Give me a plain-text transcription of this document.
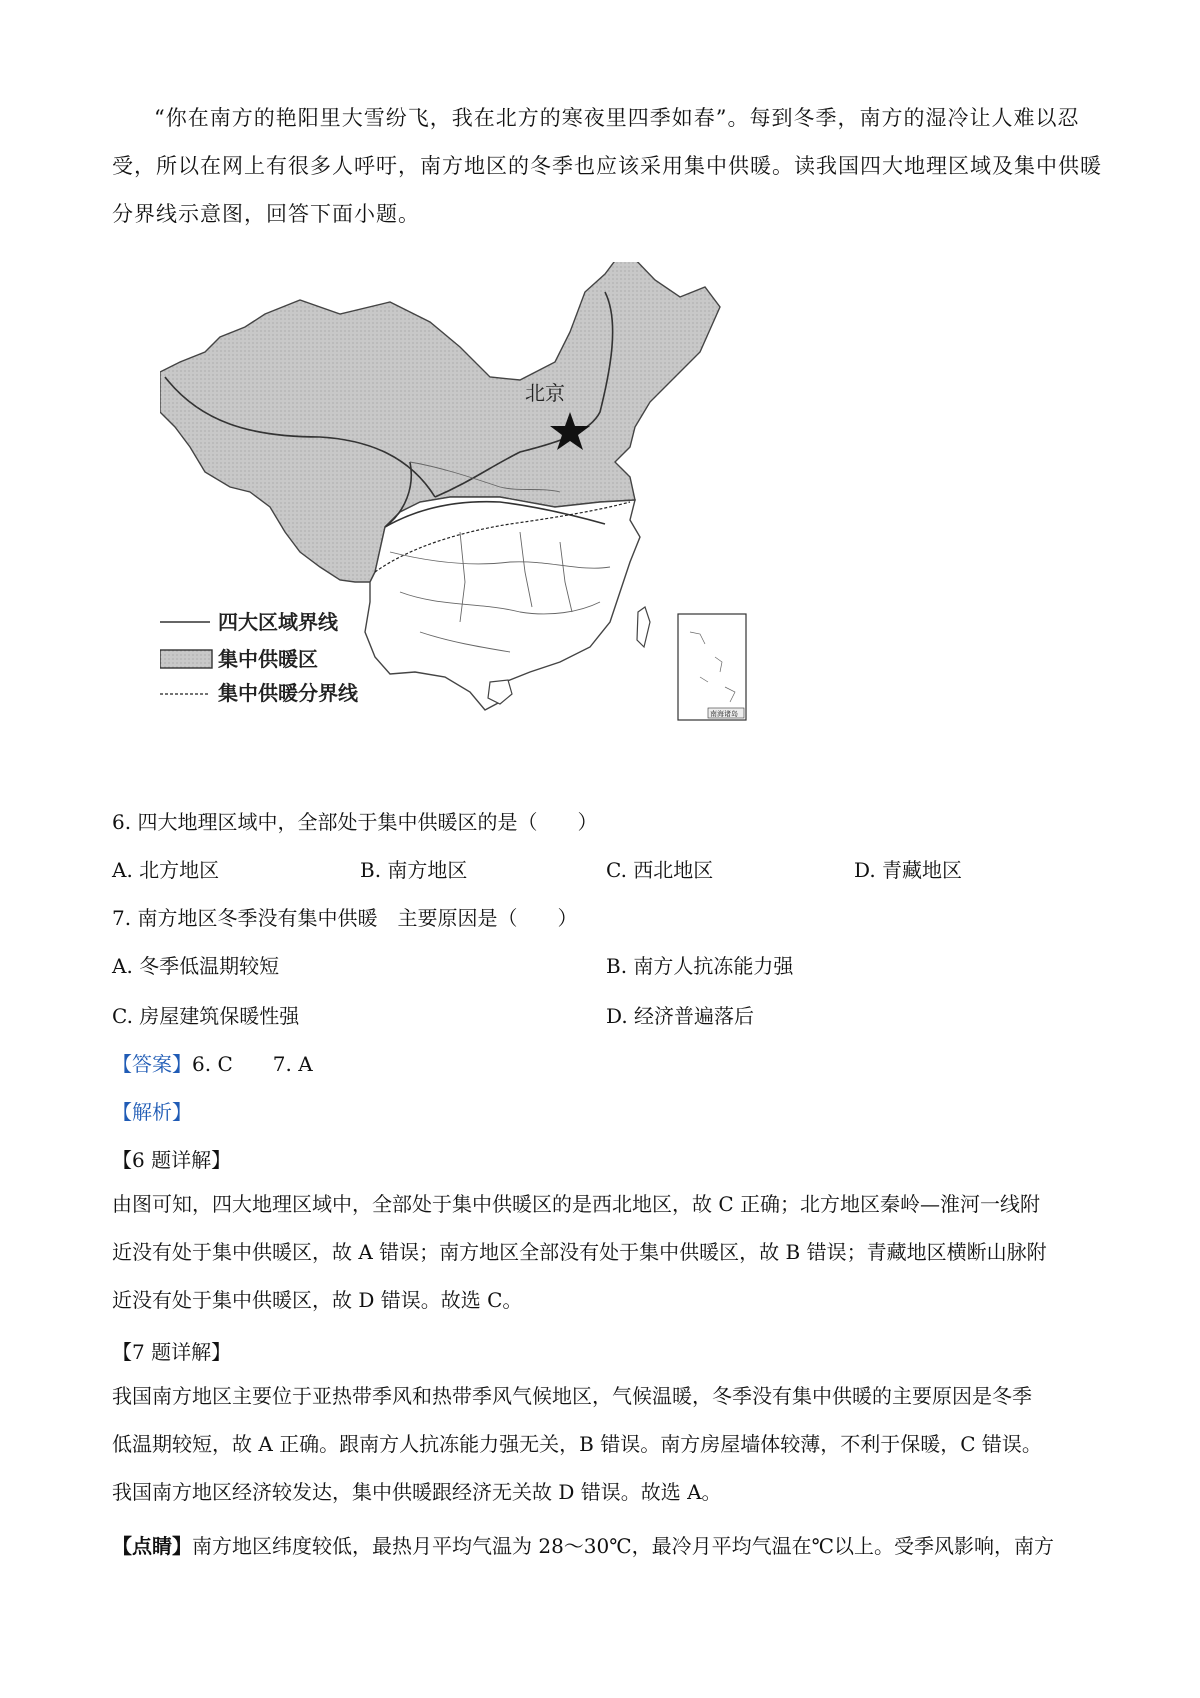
“你在南方的艳阳里大雪纷飞，我在北方的寒夜里四季如春”。每到冬季，南方的湿冷让人难以忍受，所以在网上有很多人呼吁，南方地区的冬季也应该采用集中供暖。读我国四大地理区域及集中供暖分界线示意图，回答下面小题。

北京
四大区域界线
集中供暖区
集中供暖分界线
南海诸岛
6. 四大地理区域中，全部处于集中供暖区的是（　　）
A. 北方地区	B. 南方地区	C. 西北地区	D. 青藏地区
7. 南方地区冬季没有集中供暖　主要原因是（　　）
A. 冬季低温期较短	B. 南方人抗冻能力强
C. 房屋建筑保暖性强	D. 经济普遍落后
【答案】6. C 7. A
【解析】
【6 题详解】

由图可知，四大地理区域中，全部处于集中供暖区的是西北地区，故 C 正确；北方地区秦岭—淮河一线附

近没有处于集中供暖区，故 A 错误；南方地区全部没有处于集中供暖区，故 B 错误；青藏地区横断山脉附

近没有处于集中供暖区，故 D 错误。故选 C。

【7 题详解】

我国南方地区主要位于亚热带季风和热带季风气候地区，气候温暖，冬季没有集中供暖的主要原因是冬季

低温期较短，故 A 正确。跟南方人抗冻能力强无关，B 错误。南方房屋墙体较薄，不利于保暖，C 错误。

我国南方地区经济较发达，集中供暖跟经济无关故 D 错误。故选 A。

【点睛】南方地区纬度较低，最热月平均气温为 28～30℃，最冷月平均气温在℃以上。受季风影响，南方
